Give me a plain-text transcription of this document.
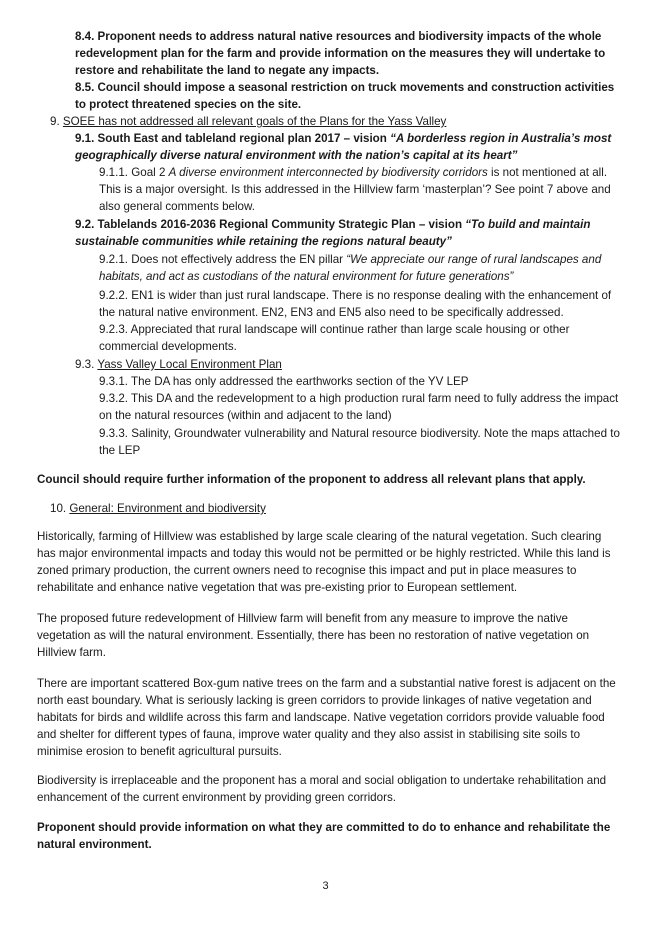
8.4. Proponent needs to address natural native resources and biodiversity impacts of the whole redevelopment plan for the farm and provide information on the measures they will undertake to restore and rehabilitate the land to negate any impacts.

8.5. Council should impose a seasonal restriction on truck movements and construction activities to protect threatened species on the site.

9. SOEE has not addressed all relevant goals of the Plans for the Yass Valley

9.1. South East and tableland regional plan 2017 – vision “A borderless region in Australia’s most geographically diverse natural environment with the nation’s capital at its heart”

9.1.1. Goal 2 A diverse environment interconnected by biodiversity corridors is not mentioned at all. This is a major oversight. Is this addressed in the Hillview farm ‘masterplan’? See point 7 above and also general comments below.

9.2. Tablelands 2016-2036 Regional Community Strategic Plan – vision “To build and maintain sustainable communities while retaining the regions natural beauty”

9.2.1. Does not effectively address the EN pillar “We appreciate our range of rural landscapes and habitats, and act as custodians of the natural environment for future generations”

9.2.2. EN1 is wider than just rural landscape. There is no response dealing with the enhancement of the natural native environment. EN2, EN3 and EN5 also need to be specifically addressed.

9.2.3. Appreciated that rural landscape will continue rather than large scale housing or other commercial developments.

9.3. Yass Valley Local Environment Plan

9.3.1. The DA has only addressed the earthworks section of the YV LEP

9.3.2. This DA and the redevelopment to a high production rural farm need to fully address the impact on the natural resources (within and adjacent to the land)

9.3.3. Salinity, Groundwater vulnerability and Natural resource biodiversity. Note the maps attached to the LEP

Council should require further information of the proponent to address all relevant plans that apply.

10. General: Environment and biodiversity

Historically, farming of Hillview was established by large scale clearing of the natural vegetation. Such clearing has major environmental impacts and today this would not be permitted or be highly restricted. While this land is zoned primary production, the current owners need to recognise this impact and put in place measures to rehabilitate and enhance native vegetation that was pre-existing prior to European settlement.

The proposed future redevelopment of Hillview farm will benefit from any measure to improve the native vegetation as will the natural environment. Essentially, there has been no restoration of native vegetation on Hillview farm.

There are important scattered Box-gum native trees on the farm and a substantial native forest is adjacent on the north east boundary. What is seriously lacking is green corridors to provide linkages of native vegetation and habitats for birds and wildlife across this farm and landscape. Native vegetation corridors provide valuable food and shelter for different types of fauna, improve water quality and they also assist in stabilising site soils to minimise erosion to benefit agricultural pursuits.

Biodiversity is irreplaceable and the proponent has a moral and social obligation to undertake rehabilitation and enhancement of the current environment by providing green corridors.

Proponent should provide information on what they are committed to do to enhance and rehabilitate the natural environment.

3
